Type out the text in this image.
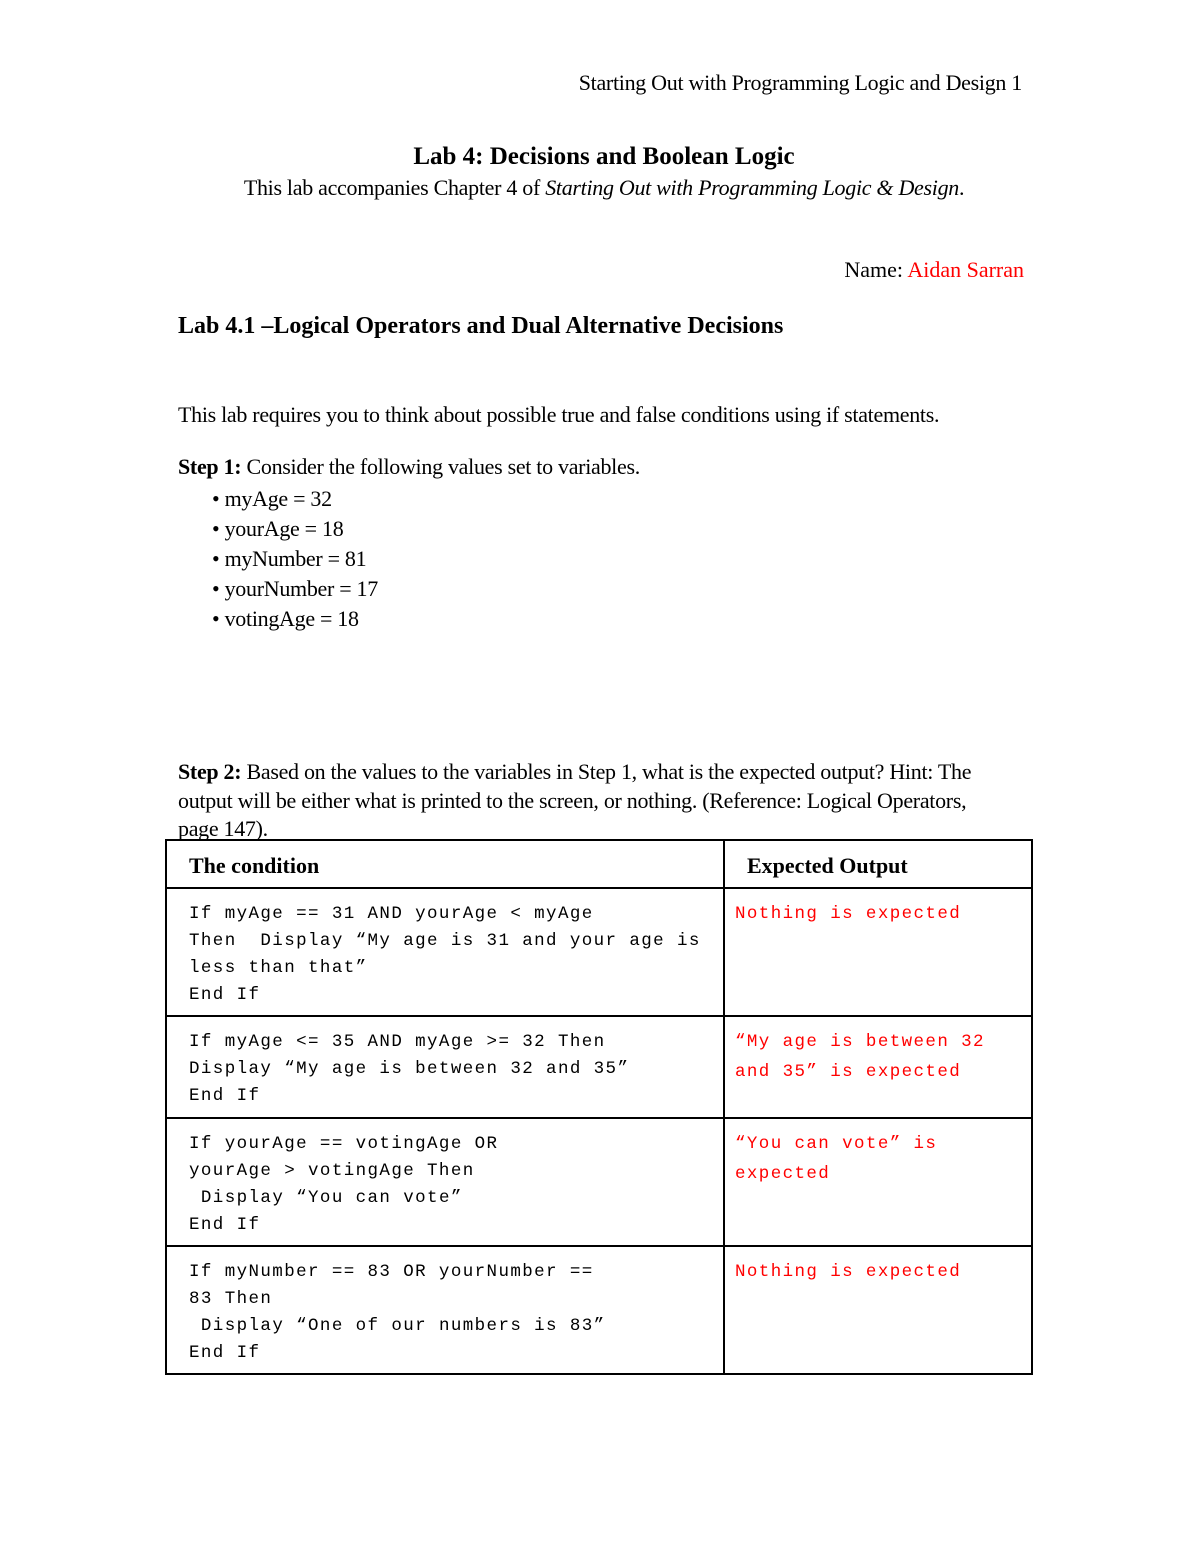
Starting Out with Programming Logic and Design 1
Lab 4: Decisions and Boolean Logic
This lab accompanies Chapter 4 of Starting Out with Programming Logic & Design.
Name: Aidan Sarran
Lab 4.1 –Logical Operators and Dual Alternative Decisions
This lab requires you to think about possible true and false conditions using if statements.
Step 1: Consider the following values set to variables.
• myAge = 32
• yourAge = 18
• myNumber = 81
• yourNumber = 17
• votingAge = 18
Step 2: Based on the values to the variables in Step 1, what is the expected output? Hint: The output will be either what is printed to the screen, or nothing. (Reference: Logical Operators, page 147).
The condition	Expected Output
If myAge == 31 AND yourAge < myAge
Then  Display “My age is 31 and your age is  less than that”
End If	Nothing is expected
If myAge <= 35 AND myAge >= 32 Then
Display “My age is between 32 and 35”
End If	“My age is between 32 and 35” is expected
If yourAge == votingAge OR
yourAge > votingAge Then
Display “You can vote”
End If	“You can vote” is expected
If myNumber == 83 OR yourNumber ==
83 Then
Display “One of our numbers is 83”
End If	Nothing is expected
